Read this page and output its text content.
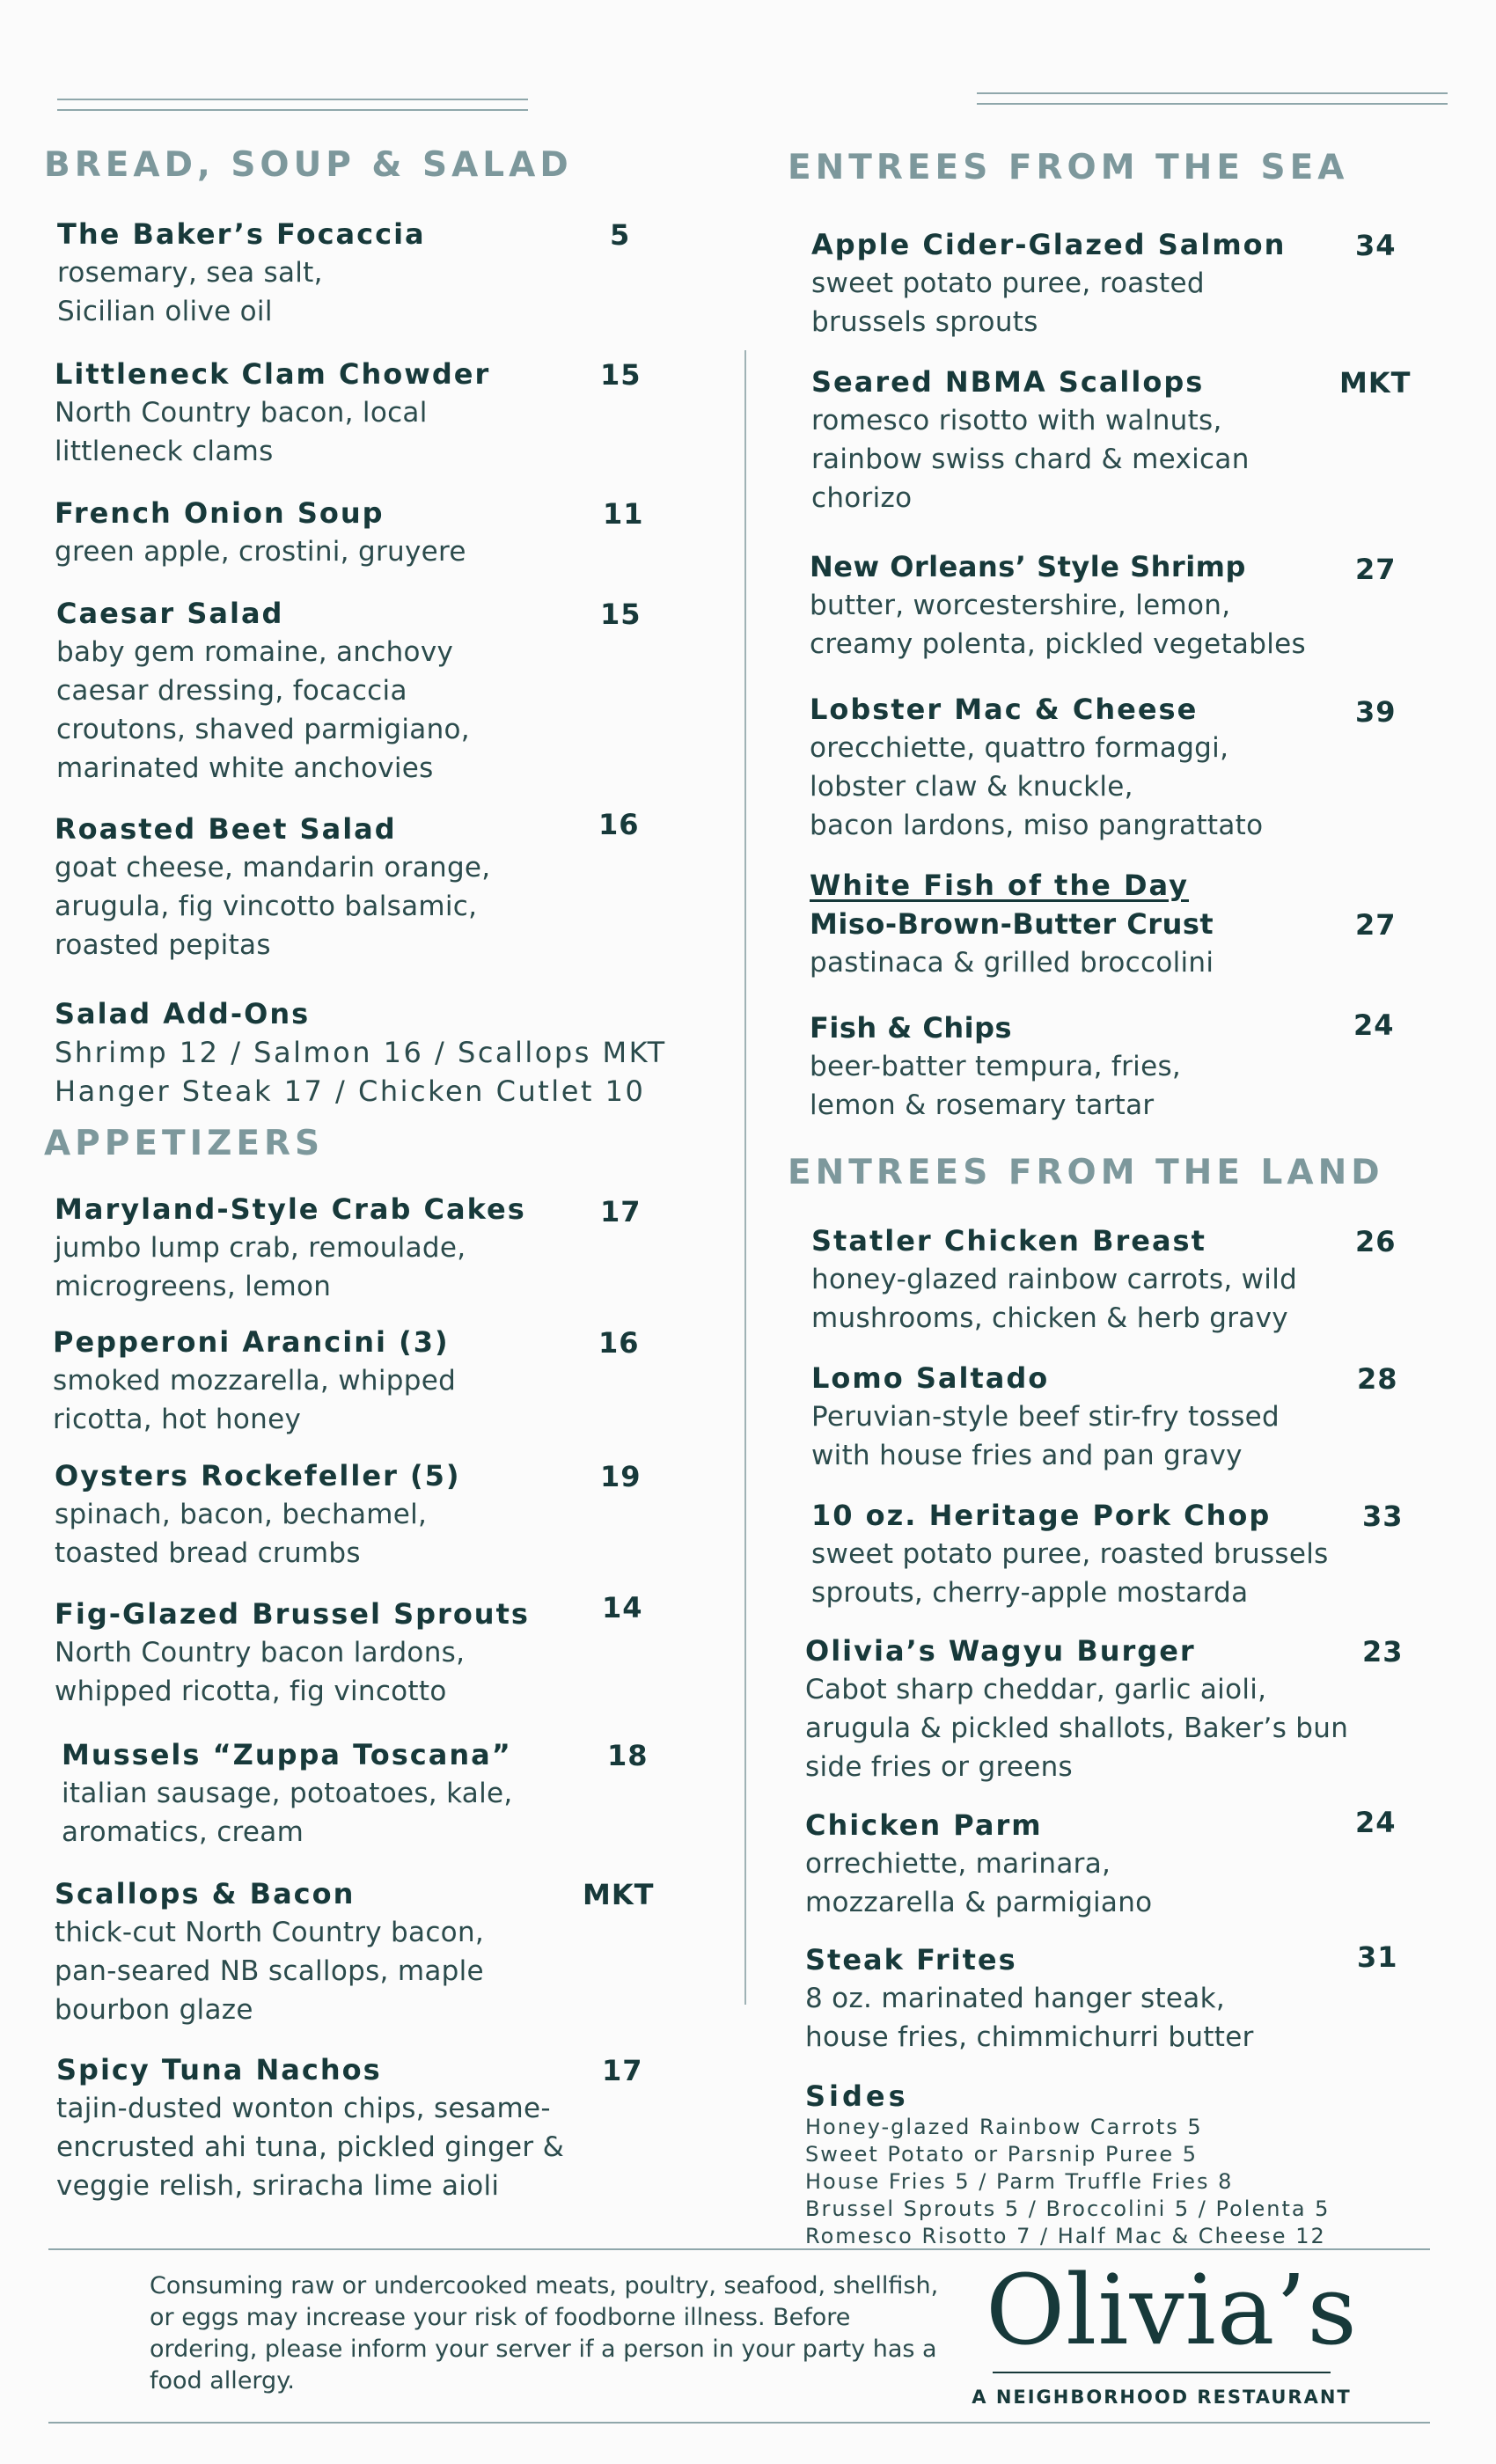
BREAD, SOUP & SALAD
The Baker’s Focaccia
rosemary, sea salt,
Sicilian olive oil
5
Littleneck Clam Chowder
North Country bacon, local
littleneck clams
15
French Onion Soup
green apple, crostini, gruyere
11
Caesar Salad
baby gem romaine, anchovy
caesar dressing, focaccia
croutons, shaved parmigiano,
marinated white anchovies
15
Roasted Beet Salad
goat cheese, mandarin orange,
arugula, fig vincotto balsamic,
roasted pepitas
16
Salad Add-Ons
Shrimp 12 / Salmon 16 / Scallops MKT
Hanger Steak 17 / Chicken Cutlet 10
APPETIZERS
Maryland-Style Crab Cakes
jumbo lump crab, remoulade,
microgreens, lemon
17
Pepperoni Arancini (3)
smoked mozzarella, whipped
ricotta, hot honey
16
Oysters Rockefeller (5)
spinach, bacon, bechamel,
toasted bread crumbs
19
Fig-Glazed Brussel Sprouts
North Country bacon lardons,
whipped ricotta, fig vincotto
14
Mussels “Zuppa Toscana”
italian sausage, potoatoes, kale,
aromatics, cream
18
Scallops & Bacon
thick-cut North Country bacon,
pan-seared NB scallops, maple
bourbon glaze
MKT
Spicy Tuna Nachos
tajin-dusted wonton chips, sesame-
encrusted ahi tuna, pickled ginger &
veggie relish, sriracha lime aioli
17
ENTREES FROM THE SEA
Apple Cider-Glazed Salmon
sweet potato puree, roasted
brussels sprouts
34
Seared NBMA Scallops
romesco risotto with walnuts,
rainbow swiss chard & mexican
chorizo
MKT
New Orleans’ Style Shrimp
butter, worcestershire, lemon,
creamy polenta, pickled vegetables
27
Lobster Mac & Cheese
orecchiette, quattro formaggi,
lobster claw & knuckle,
bacon lardons, miso pangrattato
39
White Fish of the Day
Miso-Brown-Butter Crust
pastinaca & grilled broccolini
27
Fish & Chips
beer-batter tempura, fries,
lemon & rosemary tartar
24
ENTREES FROM THE LAND
Statler Chicken Breast
honey-glazed rainbow carrots, wild
mushrooms, chicken & herb gravy
26
Lomo Saltado
Peruvian-style beef stir-fry tossed
with house fries and pan gravy
28
10 oz. Heritage Pork Chop
sweet potato puree, roasted brussels
sprouts, cherry-apple mostarda
33
Olivia’s Wagyu Burger
Cabot sharp cheddar, garlic aioli,
arugula & pickled shallots, Baker’s bun
side fries or greens
23
Chicken Parm
orrechiette, marinara,
mozzarella & parmigiano
24
Steak Frites
8 oz. marinated hanger steak,
house fries, chimmichurri butter
31
Sides
Honey-glazed Rainbow Carrots 5
Sweet Potato or Parsnip Puree 5
House Fries 5 / Parm Truffle Fries 8
Brussel Sprouts 5 / Broccolini 5 / Polenta 5
Romesco Risotto 7 / Half Mac & Cheese 12
Consuming raw or undercooked meats, poultry, seafood, shellfish, or eggs may increase your risk of foodborne illness. Before ordering, please inform your server if a person in your party has a food allergy.
Olivia’s
A NEIGHBORHOOD RESTAURANT
